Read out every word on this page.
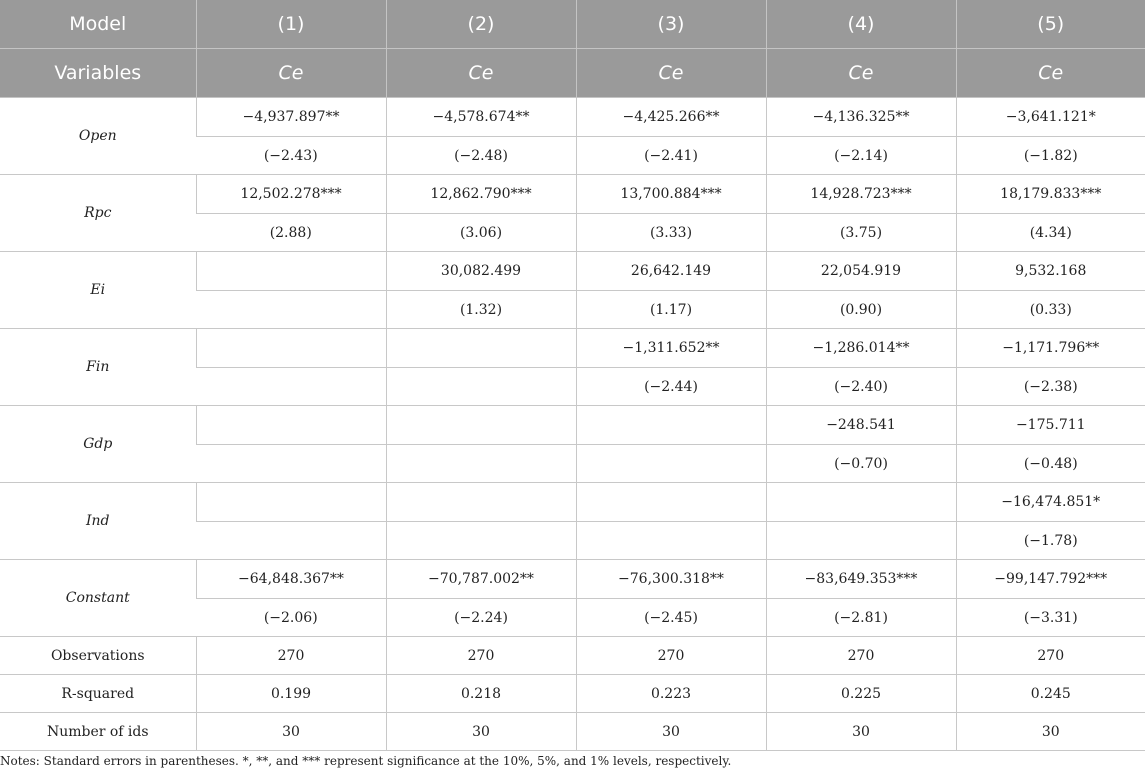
Model	(1)	(2)	(3)	(4)	(5)
Variables	Ce	Ce	Ce	Ce	Ce
Open	−4,937.897**	−4,578.674**	−4,425.266**	−4,136.325**	−3,641.121*
	(−2.43)	(−2.48)	(−2.41)	(−2.14)	(−1.82)
Rpc	12,502.278***	12,862.790***	13,700.884***	14,928.723***	18,179.833***
	(2.88)	(3.06)	(3.33)	(3.75)	(4.34)
Ei		30,082.499	26,642.149	22,054.919	9,532.168
		(1.32)	(1.17)	(0.90)	(0.33)
Fin			−1,311.652**	−1,286.014**	−1,171.796**
			(−2.44)	(−2.40)	(−2.38)
Gdp				−248.541	−175.711
				(−0.70)	(−0.48)
Ind					−16,474.851*
					(−1.78)
Constant	−64,848.367**	−70,787.002**	−76,300.318**	−83,649.353***	−99,147.792***
	(−2.06)	(−2.24)	(−2.45)	(−2.81)	(−3.31)
Observations	270	270	270	270	270
R-squared	0.199	0.218	0.223	0.225	0.245
Number of ids	30	30	30	30	30
Notes: Standard errors in parentheses. *, **, and *** represent significance at the 10%, 5%, and 1% levels, respectively.
